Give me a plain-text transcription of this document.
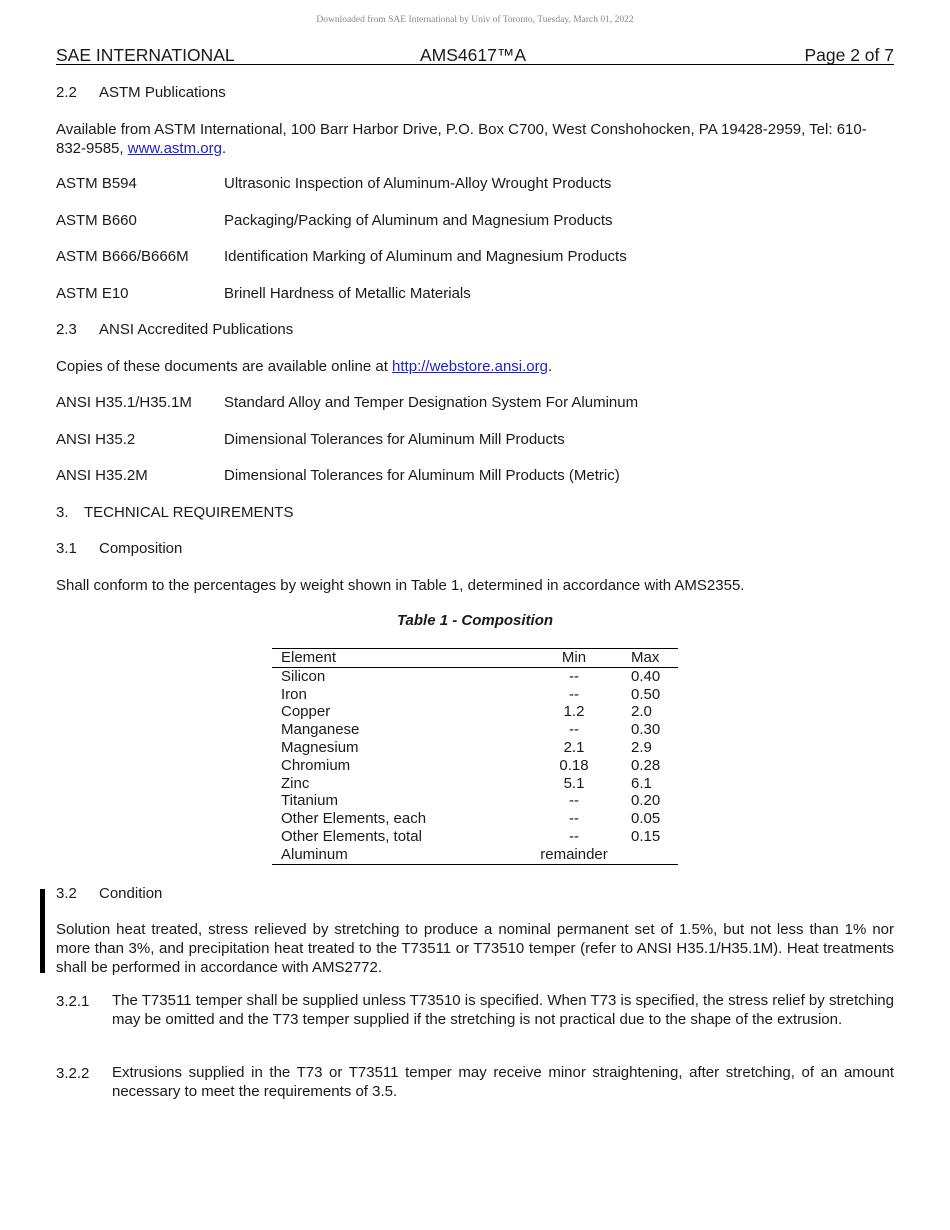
Downloaded from SAE International by Univ of Toronto, Tuesday, March 01, 2022
SAE INTERNATIONAL	AMS4617™A	Page 2 of 7
2.2 ASTM Publications
Available from ASTM International, 100 Barr Harbor Drive, P.O. Box C700, West Conshohocken, PA 19428-2959, Tel: 610-832-9585, www.astm.org.
ASTM B594	Ultrasonic Inspection of Aluminum-Alloy Wrought Products
ASTM B660	Packaging/Packing of Aluminum and Magnesium Products
ASTM B666/B666M Identification Marking of Aluminum and Magnesium Products
ASTM E10	Brinell Hardness of Metallic Materials
2.3 ANSI Accredited Publications
Copies of these documents are available online at http://webstore.ansi.org.
ANSI H35.1/H35.1M Standard Alloy and Temper Designation System For Aluminum
ANSI H35.2	Dimensional Tolerances for Aluminum Mill Products
ANSI H35.2M	Dimensional Tolerances for Aluminum Mill Products (Metric)
3. TECHNICAL REQUIREMENTS
3.1 Composition
Shall conform to the percentages by weight shown in Table 1, determined in accordance with AMS2355.
Table 1 - Composition
Element	Min	Max
Silicon	--	0.40
Iron	--	0.50
Copper	1.2	2.0
Manganese	--	0.30
Magnesium	2.1	2.9
Chromium	0.18	0.28
Zinc	5.1	6.1
Titanium	--	0.20
Other Elements, each	--	0.05
Other Elements, total	--	0.15
Aluminum	remainder	
3.2 Condition
Solution heat treated, stress relieved by stretching to produce a nominal permanent set of 1.5%, but not less than 1% nor more than 3%, and precipitation heat treated to the T73511 or T73510 temper (refer to ANSI H35.1/H35.1M). Heat treatments shall be performed in accordance with AMS2772.
3.2.1 The T73511 temper shall be supplied unless T73510 is specified. When T73 is specified, the stress relief by stretching may be omitted and the T73 temper supplied if the stretching is not practical due to the shape of the extrusion.
3.2.2 Extrusions supplied in the T73 or T73511 temper may receive minor straightening, after stretching, of an amount necessary to meet the requirements of 3.5.
